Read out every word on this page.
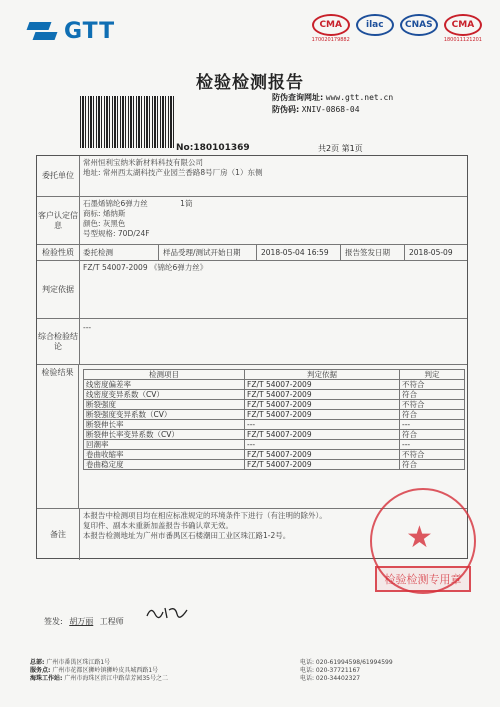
GTT	CMA
170020179882
ilac	CNAS	CMA
180011121201
检验检测报告
防伪查询网址: www.gtt.net.cn
防伪码: XNIV-0868-04
No:180101369	共2页 第1页
委托单位
常州恒利宝纳米新材料科技有限公司
地址: 常州西太湖科技产业园兰香路8号厂房（1）东侧
客户认定信息
石墨烯锦纶6弹力丝	1筒
商标: 烯纳斯
颜色: 灰黑色
号型规格: 70D/24F
检验性质	委托检测	样品受理/测试开始日期	2018-05-04 16:59	报告签发日期	2018-05-09
判定依据
FZ/T 54007-2009 《锦纶6弹力丝》
综合检验结论
---
检验结果	检测项目	判定依据	判定
线密度偏差率	FZ/T 54007-2009	不符合
线密度变异系数（CV）	FZ/T 54007-2009	符合
断裂强度	FZ/T 54007-2009	不符合
断裂强度变异系数（CV）	FZ/T 54007-2009	符合
断裂伸长率	---	---
断裂伸长率变异系数（CV）	FZ/T 54007-2009	符合
回潮率	---	---
卷曲收缩率	FZ/T 54007-2009	不符合
卷曲稳定度	FZ/T 54007-2009	符合
备注
本报告中检测项目均在相应标准规定的环境条件下进行（有注明的除外）。
复印件、副本未重新加盖报告书确认章无效。
本报告检测地址为广州市番禺区石楼潮田工业区珠江路1-2号。	★
检验检测专用章
签发: 胡万丽 工程师
总部: 广州市番禺区珠江路1号
服务点: 广州市花都区狮岭镇狮岭皮具城西路1号
海珠工作站: 广州市海珠区滨江中路草芳园35号之二
电话: 020-61994598/61994599
电话: 020-37721167
电话: 020-34402327
